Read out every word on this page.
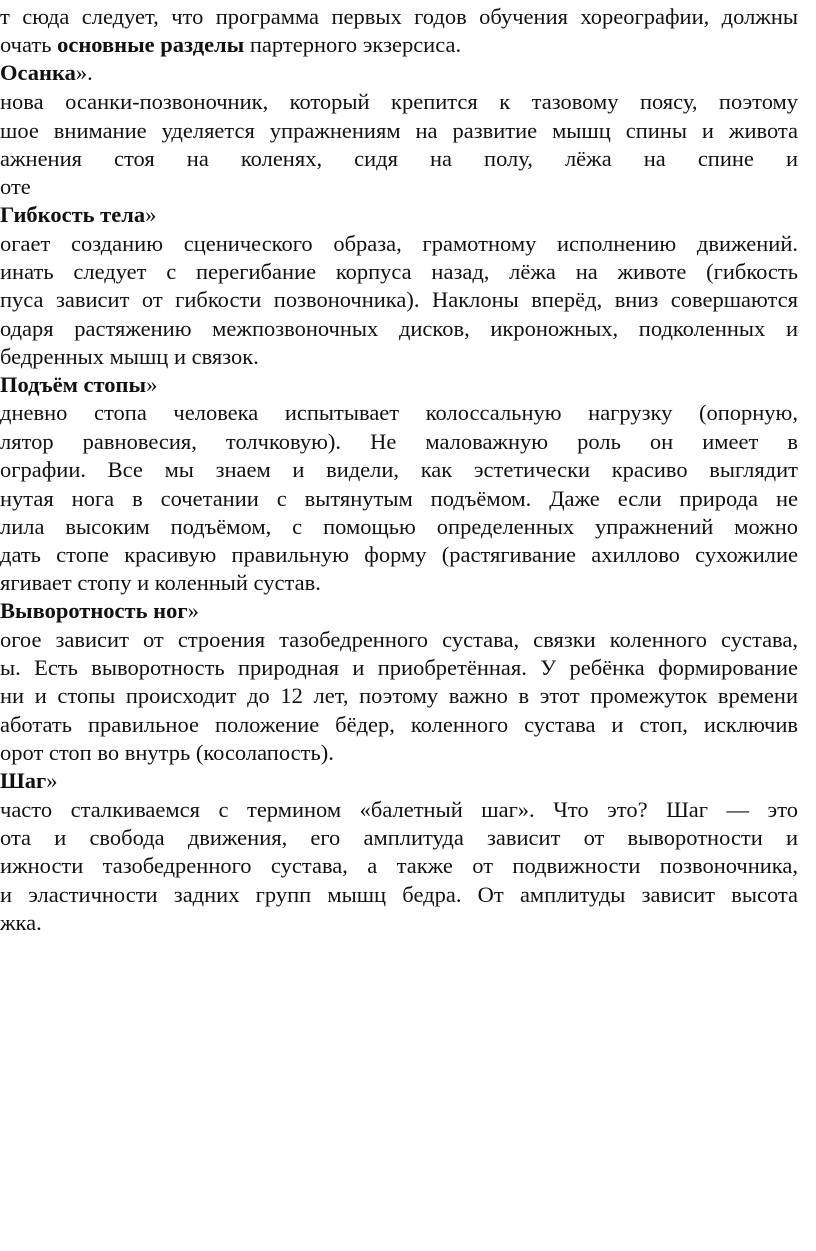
т сюда следует, что программа первых годов обучения хореографии, должны
очать основные разделы партерного экзерсиса.
Осанка».
нова осанки-позвоночник, который крепится к тазовому поясу, поэтому
шое внимание уделяется упражнениям на развитие мышц спины и живота
ажнения стоя на коленях, сидя на полу, лёжа на спине и
оте
Гибкость тела»
огает созданию сценического образа, грамотному исполнению движений.
инать следует с перегибание корпуса назад, лёжа на животе (гибкость
пуса зависит от гибкости позвоночника). Наклоны вперёд, вниз совершаются
одаря растяжению межпозвоночных дисков, икроножных, подколенных и
бедренных мышц и связок.
Подъём стопы»
дневно стопа человека испытывает колоссальную нагрузку (опорную,
лятор равновесия, толчковую). Не маловажную роль он имеет в
ографии. Все мы знаем и видели, как эстетически красиво выглядит
нутая нога в сочетании с вытянутым подъёмом. Даже если природа не
лила высоким подъёмом, с помощью определенных упражнений можно
дать стопе красивую правильную форму (растягивание ахиллово сухожилие
ягивает стопу и коленный сустав.
Выворотность ног»
огое зависит от строения тазобедренного сустава, связки коленного сустава,
ы. Есть выворотность природная и приобретённая. У ребёнка формирование
ни и стопы происходит до 12 лет, поэтому важно в этот промежуток времени
аботать правильное положение бёдер, коленного сустава и стоп, исключив
орот стоп во внутрь (косолапость).
Шаг»
часто сталкиваемся с термином «балетный шаг». Что это? Шаг — это
ота и свобода движения, его амплитуда зависит от выворотности и
ижности тазобедренного сустава, а также от подвижности позвоночника,
и эластичности задних групп мышц бедра. От амплитуды зависит высота
жка.
